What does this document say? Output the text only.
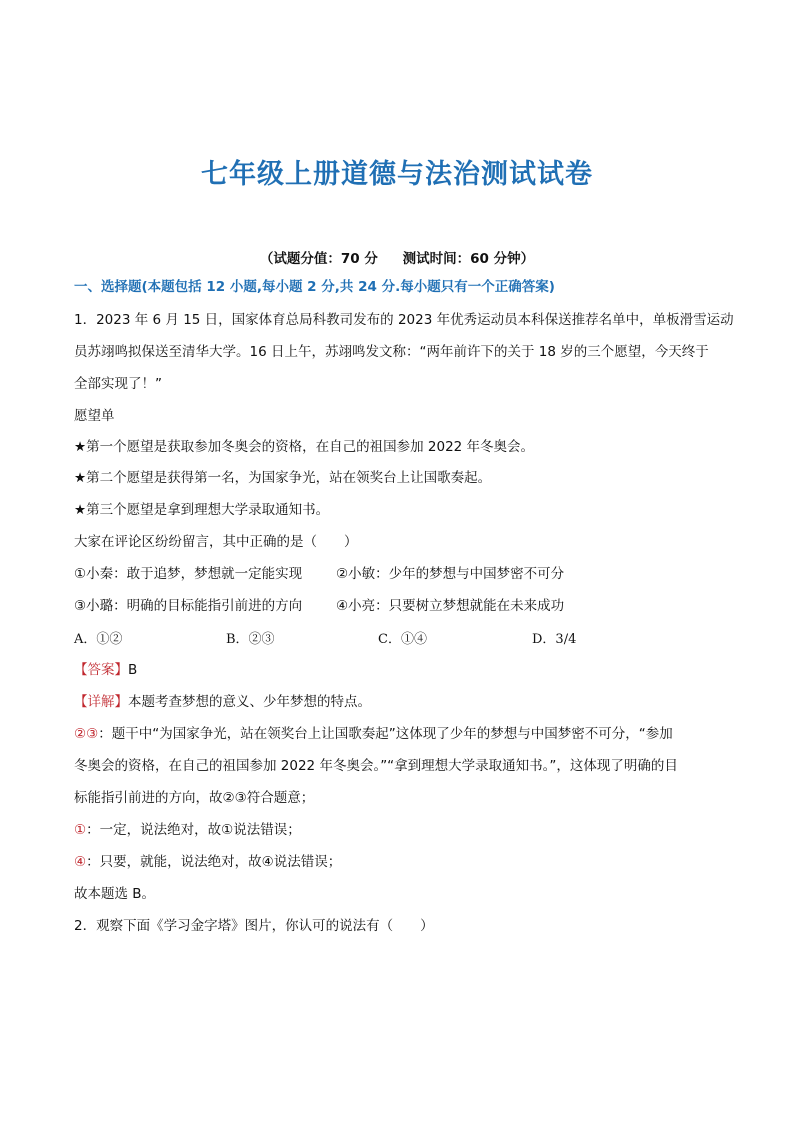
七年级上册道德与法治测试试卷
（试题分值：70 分 测试时间：60 分钟）
一、选择题(本题包括 12 小题,每小题 2 分,共 24 分.每小题只有一个正确答案)
1．2023 年 6 月 15 日，国家体育总局科教司发布的 2023 年优秀运动员本科保送推荐名单中，单板滑雪运动
员苏翊鸣拟保送至清华大学。16 日上午，苏翊鸣发文称：“两年前许下的关于 18 岁的三个愿望，今天终于
全部实现了！”
愿望单
★第一个愿望是获取参加冬奥会的资格，在自己的祖国参加 2022 年冬奥会。
★第二个愿望是获得第一名，为国家争光，站在领奖台上让国歌奏起。
★第三个愿望是拿到理想大学录取通知书。
大家在评论区纷纷留言，其中正确的是（　　）
①小秦：敢于追梦，梦想就一定能实现	②小敏：少年的梦想与中国梦密不可分
③小璐：明确的目标能指引前进的方向	④小亮：只要树立梦想就能在未来成功
A．①②	B．②③	C．①④	D．3/4
【答案】B
【详解】本题考查梦想的意义、少年梦想的特点。
②③：题干中“为国家争光，站在领奖台上让国歌奏起”这体现了少年的梦想与中国梦密不可分，“参加
冬奥会的资格，在自己的祖国参加 2022 年冬奥会。”“拿到理想大学录取通知书。”，这体现了明确的目
标能指引前进的方向，故②③符合题意；
①：一定，说法绝对，故①说法错误；
④：只要，就能，说法绝对，故④说法错误；
故本题选 B。
2．观察下面《学习金字塔》图片，你认可的说法有（　　）
